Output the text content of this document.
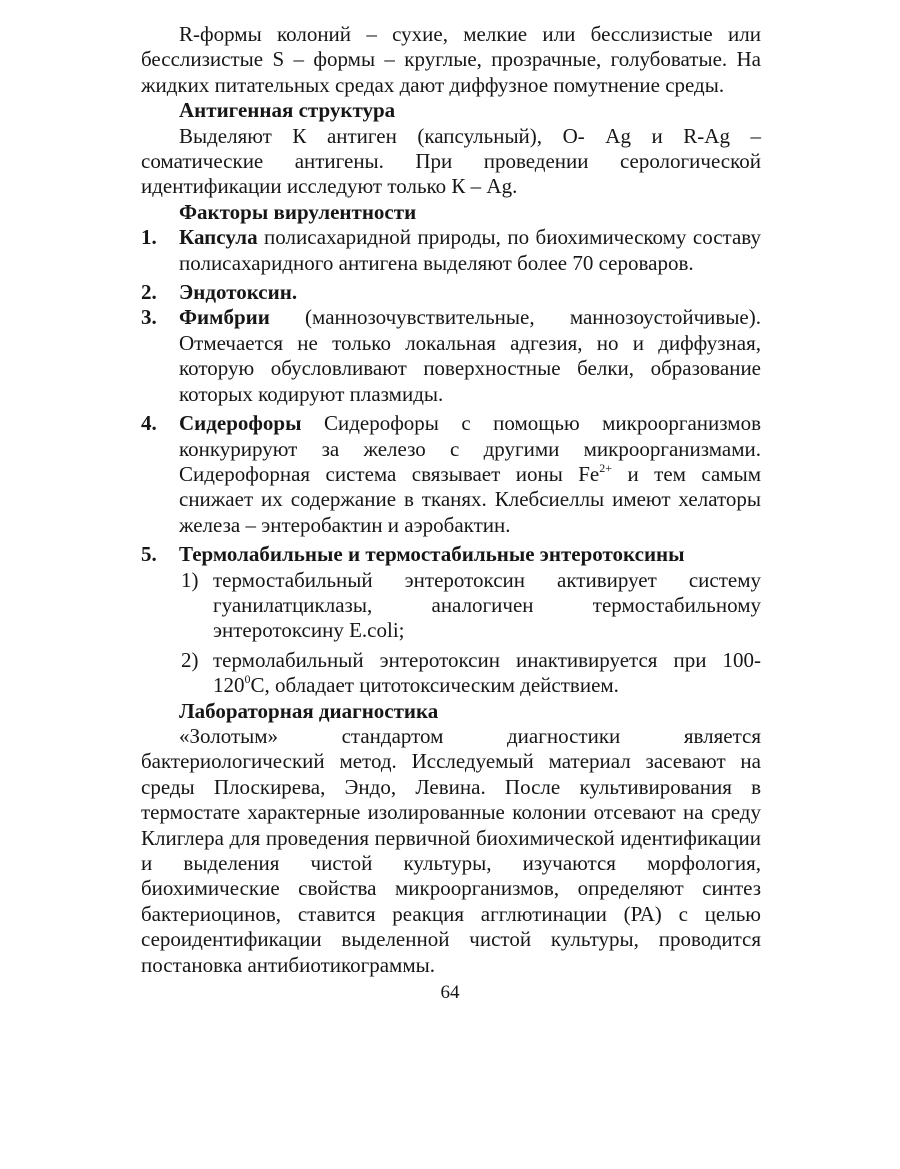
R-формы колоний – сухие, мелкие или бесслизистые или бесслизистые S – формы – круглые, прозрачные, голубоватые. На жидких питательных средах дают диффузное помутнение среды.

Антигенная структура

Выделяют К антиген (капсульный), О- Ag и R-Ag – соматические антигены. При проведении серологической идентификации исследуют только К – Ag.

Факторы вирулентности

1. Капсула полисахаридной природы, по биохимическому составу полисахаридного антигена выделяют более 70 сероваров.
2. Эндотоксин.
3. Фимбрии (маннозочувствительные, маннозоустойчивые). Отмечается не только локальная адгезия, но и диффузная, которую обусловливают поверхностные белки, образование которых кодируют плазмиды.
4. Сидерофоры Сидерофоры с помощью микроорганизмов конкурируют за железо с другими микроорганизмами. Сидерофорная система связывает ионы $Fe^{2+}$ и тем самым снижает их содержание в тканях. Клебсиеллы имеют хелаторы железа – энтеробактин и аэробактин.
5. Термолабильные и термостабильные энтеротоксины
1) термостабильный энтеротоксин активирует систему гуанилатциклазы, аналогичен термостабильному энтеротоксину E.coli;
2) термолабильный энтеротоксин инактивируется при $100-120^0С$, обладает цитотоксическим действием.

Лабораторная диагностика

«Золотым» стандартом диагностики является бактериологический метод. Исследуемый материал засевают на среды Плоскирева, Эндо, Левина. После культивирования в термостате характерные изолированные колонии отсевают на среду Клиглера для проведения первичной биохимической идентификации и выделения чистой культуры, изучаются морфология, биохимические свойства микроорганизмов, определяют синтез бактериоцинов, ставится реакция агглютинации (РА) с целью сероидентификации выделенной чистой культуры, проводится постановка антибиотикограммы.

64
